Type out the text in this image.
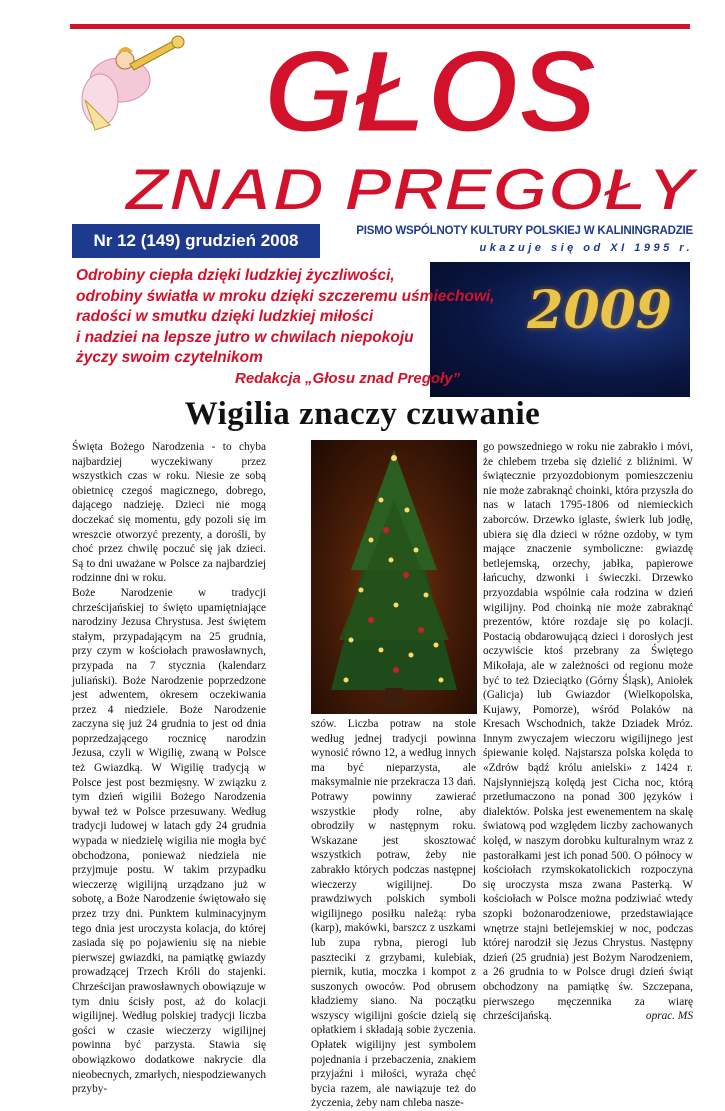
GŁOS
ZNAD PREGOŁY
Nr 12 (149) grudzień 2008	PISMO WSPÓLNOTY KULTURY POLSKIEJ W KALININGRADZIE
ukazuje się od XI 1995 r.
2009
Odrobiny ciepła dzięki ludzkiej życzliwości,
odrobiny światła w mroku dzięki szczeremu uśmiechowi,
radości w smutku dzięki ludzkiej miłości
i nadziei na lepsze jutro w chwilach niepokoju
życzy swoim czytelnikom
Redakcja „Głosu znad Pregoły”
Wigilia znaczy czuwanie

Święta Bożego Narodzenia - to chyba najbardziej wyczekiwany przez wszystkich czas w roku. Niesie ze sobą obietnicę czegoś magicznego, dobrego, dającego nadzieję. Dzieci nie mogą doczekać się momentu, gdy pozoli się im wreszcie otworzyć prezenty, a dorośli, by choć przez chwilę poczuć się jak dzieci. Są to dni uważane w Polsce za najbardziej rodzinne dni w roku.

Boże Narodzenie w tradycji chrześcijańskiej to święto upamiętniające narodziny Jezusa Chrystusa. Jest świętem stałym, przypadającym na 25 grudnia, przy czym w kościołach prawosławnych, przypada na 7 stycznia (kalendarz juliański). Boże Narodzenie poprzedzone jest adwentem, okresem oczekiwania przez 4 niedziele. Boże Narodzenie zaczyna się już 24 grudnia to jest od dnia poprzedzającego rocznicę narodzin Jezusa, czyli w Wigilię, zwaną w Polsce też Gwiazdką. W Wigilię tradycją w Polsce jest post bezmięsny. W związku z tym dzień wigilii Bożego Narodzenia bywał też w Polsce przesuwany. Według tradycji ludowej w latach gdy 24 grudnia wypada w niedzielę wigilia nie mogła być obchodzona, ponieważ niedziela nie przyjmuje postu. W takim przypadku wieczerzę wigilijną urządzano już w sobotę, a Boże Narodzenie świętowało się przez trzy dni. Punktem kulminacyjnym tego dnia jest uroczysta kolacja, do której zasiada się po pojawieniu się na niebie pierwszej gwiazdki, na pamiątkę gwiazdy prowadzącej Trzech Króli do stajenki. Chrześcijan prawosławnych obowiązuje w tym dniu ścisły post, aż do kolacji wigilijnej. Według polskiej tradycji liczba gości w czasie wieczerzy wigilijnej powinna być parzysta. Stawia się obowiązkowo dodatkowe nakrycie dla nieobecnych, zmarłych, niespodziewanych przyby-

szów. Liczba potraw na stole według jednej tradycji powinna wynosić równo 12, a według innych ma być nieparzysta, ale maksymalnie nie przekracza 13 dań. Potrawy powinny zawierać wszystkie płody rolne, aby obrodziły w następnym roku. Wskazane jest skosztować wszystkich potraw, żeby nie zabrakło których podczas następnej wieczerzy wigilijnej. Do prawdziwych polskich symboli wigilijnego posiłku należą: ryba (karp), makówki, barszcz z uszkami lub zupa rybna, pierogi lub paszteciki z grzybami, kulebiak, piernik, kutia, moczka i kompot z suszonych owoców. Pod obrusem kładziemy siano. Na początku wszyscy wigilijni goście dzielą się opłatkiem i składają sobie życzenia. Opłatek wigilijny jest symbolem pojednania i przebaczenia, znakiem przyjaźni i miłości, wyraża chęć bycia razem, ale nawiązuje też do życzenia, żeby nam chleba nasze-

go powszedniego w roku nie zabrakło i móvi, że chlebem trzeba się dzielić z bliźnimi. W świątecznie przyozdobionym pomieszczeniu nie może zabraknąć choinki, która przyszła do nas w latach 1795-1806 od niemieckich zaborców. Drzewko iglaste, świerk lub jodłę, ubiera się dla dzieci w różne ozdoby, w tym mające znaczenie symboliczne: gwiazdę betlejemską, orzechy, jabłka, papierowe łańcuchy, dzwonki i świeczki. Drzewko przyozdabia wspólnie cała rodzina w dzień wigilijny. Pod choinką nie może zabraknąć prezentów, które rozdaje się po kolacji. Postacią obdarowującą dzieci i dorosłych jest oczywiście ktoś przebrany za Świętego Mikołaja, ale w zależności od regionu może być to też Dzieciątko (Górny Śląsk), Aniołek (Galicja) lub Gwiazdor (Wielkopolska, Kujawy, Pomorze), wśród Polaków na Kresach Wschodnich, także Dziadek Mróz. Innym zwyczajem wieczoru wigilijnego jest śpiewanie kolęd. Najstarsza polska kolęda to «Zdrów bądź królu anielski» z 1424 r. Najsłynniejszą kolędą jest Cicha noc, którą przetłumaczono na ponad 300 języków i dialektów. Polska jest ewenementem na skalę światową pod względem liczby zachowanych kolęd, w naszym dorobku kulturalnym wraz z pastorałkami jest ich ponad 500. O północy w kościołach rzymskokatolickich rozpoczyna się uroczysta msza zwana Pasterką. W kościołach w Polsce można podziwiać wtedy szopki bożonarodzeniowe, przedstawiające wnętrze stajni betlejemskiej w noc, podczas której narodził się Jezus Chrystus. Następny dzień (25 grudnia) jest Bożym Narodzeniem, a 26 grudnia to w Polsce drugi dzień świąt obchodzony na pamiątkę św. Szczepana, pierwszego męczennika za wiarę chrześcijańską.	oprac. MS
